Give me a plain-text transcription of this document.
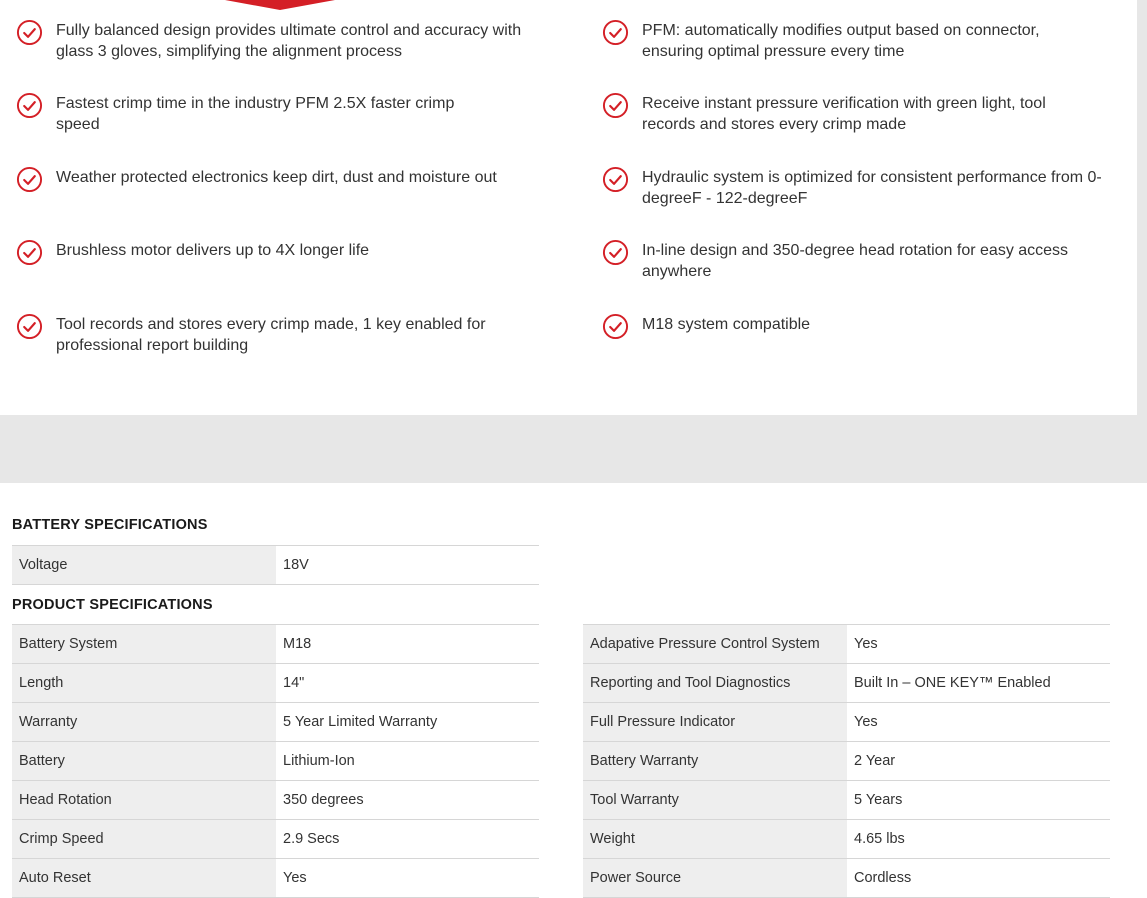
Fully balanced design provides ultimate control and accuracy with glass 3 gloves, simplifying the alignment process
Fastest crimp time in the industry PFM 2.5X faster crimp speed
Weather protected electronics keep dirt, dust and moisture out
Brushless motor delivers up to 4X longer life
Tool records and stores every crimp made, 1 key enabled for professional report building
PFM: automatically modifies output based on connector, ensuring optimal pressure every time
Receive instant pressure verification with green light, tool records and stores every crimp made
Hydraulic system is optimized for consistent performance from 0-degreeF - 122-degreeF
In-line design and 350-degree head rotation for easy access anywhere
M18 system compatible
BATTERY SPECIFICATIONS
Voltage	18V
PRODUCT SPECIFICATIONS
Battery System	M18
Length	14"
Warranty	5 Year Limited Warranty
Battery	Lithium-Ion
Head Rotation	350 degrees
Crimp Speed	2.9 Secs
Auto Reset	Yes
Adapative Pressure Control System	Yes
Reporting and Tool Diagnostics	Built In – ONE KEY™ Enabled
Full Pressure Indicator	Yes
Battery Warranty	2 Year
Tool Warranty	5 Years
Weight	4.65 lbs
Power Source	Cordless
